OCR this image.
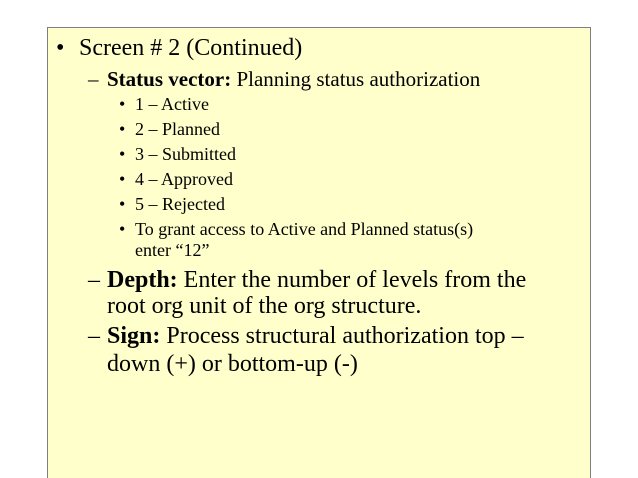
• Screen # 2 (Continued)
– Status vector: Planning status authorization
• 1 – Active
• 2 – Planned
• 3 – Submitted
• 4 – Approved
• 5 – Rejected
• To grant access to Active and Planned status(s)
enter “12”
– Depth: Enter the number of levels from the
root org unit of the org structure.
– Sign: Process structural authorization top –
down (+) or bottom-up (-)
